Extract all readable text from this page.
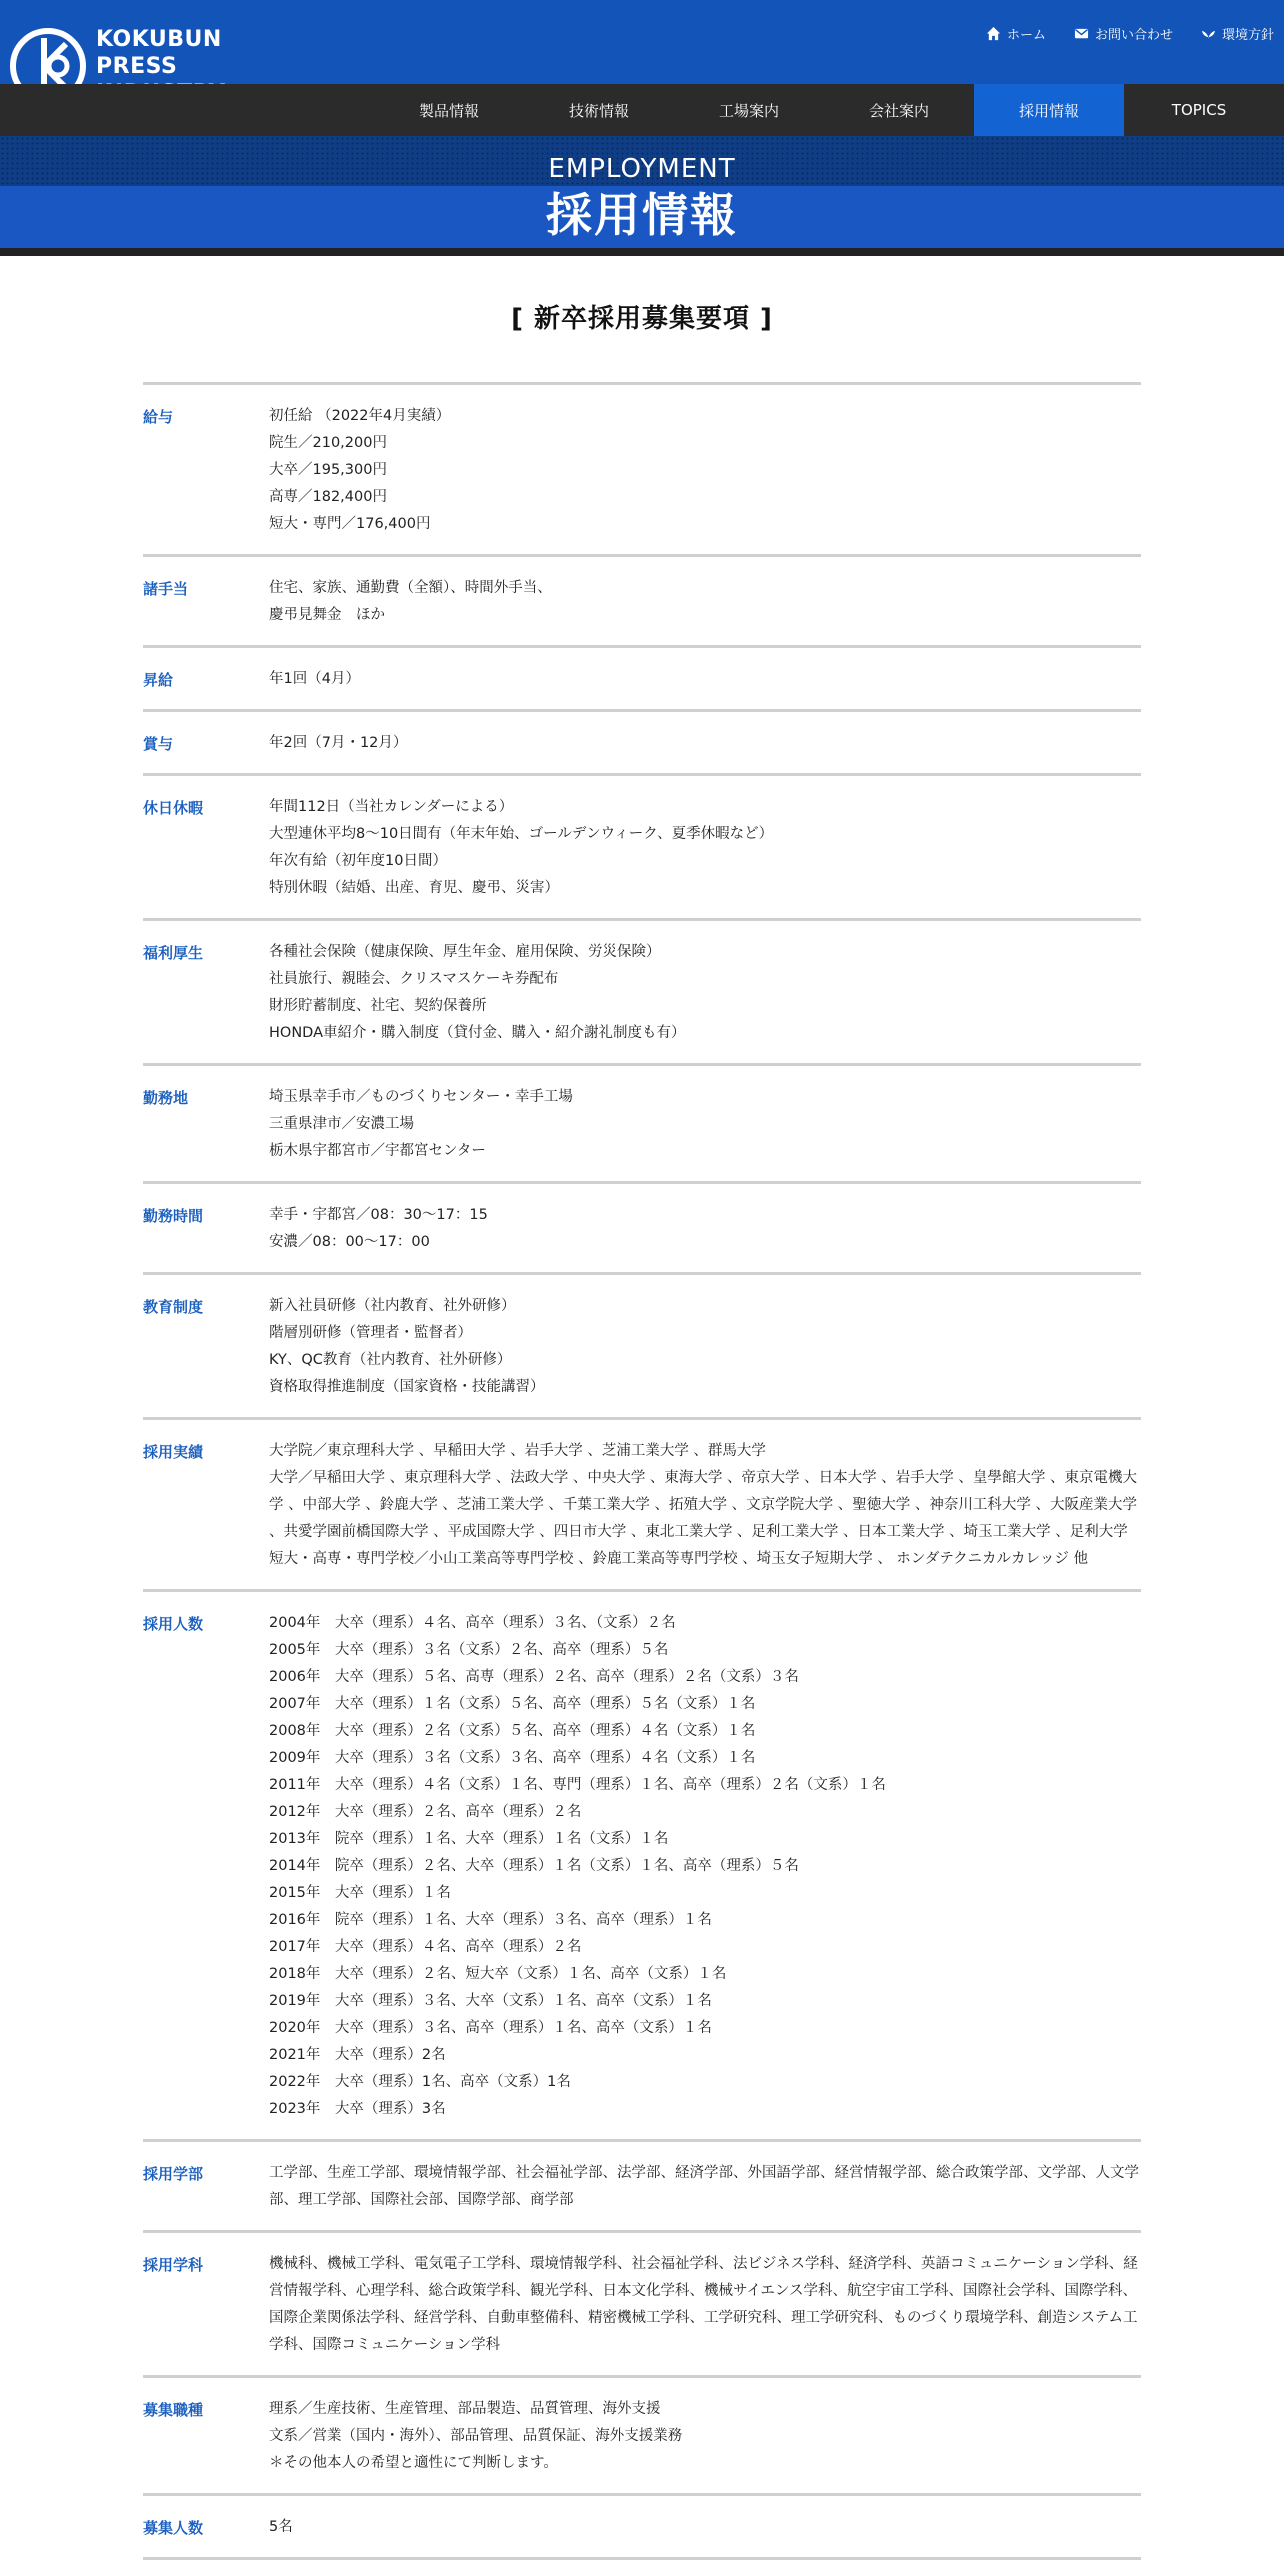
KOKUBUN
PRESS
ホーム	お問い合わせ	環境方針
製品情報	技術情報	工場案内	会社案内	採用情報	TOPICS
EMPLOYMENT
採用情報
[ 新卒採用募集要項 ]
給与	初任給 （2022年4月実績）
院生／210,200円
大卒／195,300円
高専／182,400円
短大・専門／176,400円
諸手当	住宅、家族、通勤費（全額）、時間外手当、
慶弔見舞金　ほか
昇給	年1回（4月）
賞与	年2回（7月・12月）
休日休暇	年間112日（当社カレンダーによる）
大型連休平均8～10日間有（年末年始、ゴールデンウィーク、夏季休暇など）
年次有給（初年度10日間）
特別休暇（結婚、出産、育児、慶弔、災害）
福利厚生	各種社会保険（健康保険、厚生年金、雇用保険、労災保険）
社員旅行、親睦会、クリスマスケーキ券配布
財形貯蓄制度、社宅、契約保養所
HONDA車紹介・購入制度（貸付金、購入・紹介謝礼制度も有）
勤務地	埼玉県幸手市／ものづくりセンター・幸手工場
三重県津市／安濃工場
栃木県宇都宮市／宇都宮センター
勤務時間	幸手・宇都宮／08：30～17：15
安濃／08：00～17：00
教育制度	新入社員研修（社内教育、社外研修）
階層別研修（管理者・監督者）
KY、QC教育（社内教育、社外研修）
資格取得推進制度（国家資格・技能講習）
採用実績	大学院／東京理科大学 、早稲田大学 、岩手大学 、芝浦工業大学 、群馬大学
大学／早稲田大学 、東京理科大学 、法政大学 、中央大学 、東海大学 、帝京大学 、日本大学 、岩手大学 、皇學館大学 、東京電機大学 、中部大学 、鈴鹿大学 、芝浦工業大学 、千葉工業大学 、拓殖大学 、文京学院大学 、聖徳大学 、神奈川工科大学 、大阪産業大学 、共愛学園前橋国際大学 、平成国際大学 、四日市大学 、東北工業大学 、足利工業大学 、日本工業大学 、埼玉工業大学 、足利大学
短大・高専・専門学校／小山工業高等専門学校 、鈴鹿工業高等専門学校 、埼玉女子短期大学 、 ホンダテクニカルカレッジ 他
採用人数	2004年　大卒（理系）４名、高卒（理系）３名、（文系）２名
2005年　大卒（理系）３名（文系）２名、高卒（理系）５名
2006年　大卒（理系）５名、高専（理系）２名、高卒（理系）２名（文系）３名
2007年　大卒（理系）１名（文系）５名、高卒（理系）５名（文系）１名
2008年　大卒（理系）２名（文系）５名、高卒（理系）４名（文系）１名
2009年　大卒（理系）３名（文系）３名、高卒（理系）４名（文系）１名
2011年　大卒（理系）４名（文系）１名、専門（理系）１名、高卒（理系）２名（文系）１名
2012年　大卒（理系）２名、高卒（理系）２名
2013年　院卒（理系）１名、大卒（理系）１名（文系）１名
2014年　院卒（理系）２名、大卒（理系）１名（文系）１名、高卒（理系）５名
2015年　大卒（理系）１名
2016年　院卒（理系）１名、大卒（理系）３名、高卒（理系）１名
2017年　大卒（理系）４名、高卒（理系）２名
2018年　大卒（理系）２名、短大卒（文系）１名、高卒（文系）１名
2019年　大卒（理系）３名、大卒（文系）１名、高卒（文系）１名
2020年　大卒（理系）３名、高卒（理系）１名、高卒（文系）１名
2021年　大卒（理系）2名
2022年　大卒（理系）1名、高卒（文系）1名
2023年　大卒（理系）3名
採用学部	工学部、生産工学部、環境情報学部、社会福祉学部、法学部、経済学部、外国語学部、経営情報学部、総合政策学部、文学部、人文学部、理工学部、国際社会部、国際学部、商学部
採用学科	機械科、機械工学科、電気電子工学科、環境情報学科、社会福祉学科、法ビジネス学科、経済学科、英語コミュニケーション学科、経営情報学科、心理学科、総合政策学科、観光学科、日本文化学科、機械サイエンス学科、航空宇宙工学科、国際社会学科、国際学科、国際企業関係法学科、経営学科、自動車整備科、精密機械工学科、工学研究科、理工学研究科、ものづくり環境学科、創造システム工学科、国際コミュニケーション学科
募集職種	理系／生産技術、生産管理、部品製造、品質管理、海外支援
文系／営業（国内・海外）、部品管理、品質保証、海外支援業務
＊その他本人の希望と適性にて判断します。
募集人数	5名
